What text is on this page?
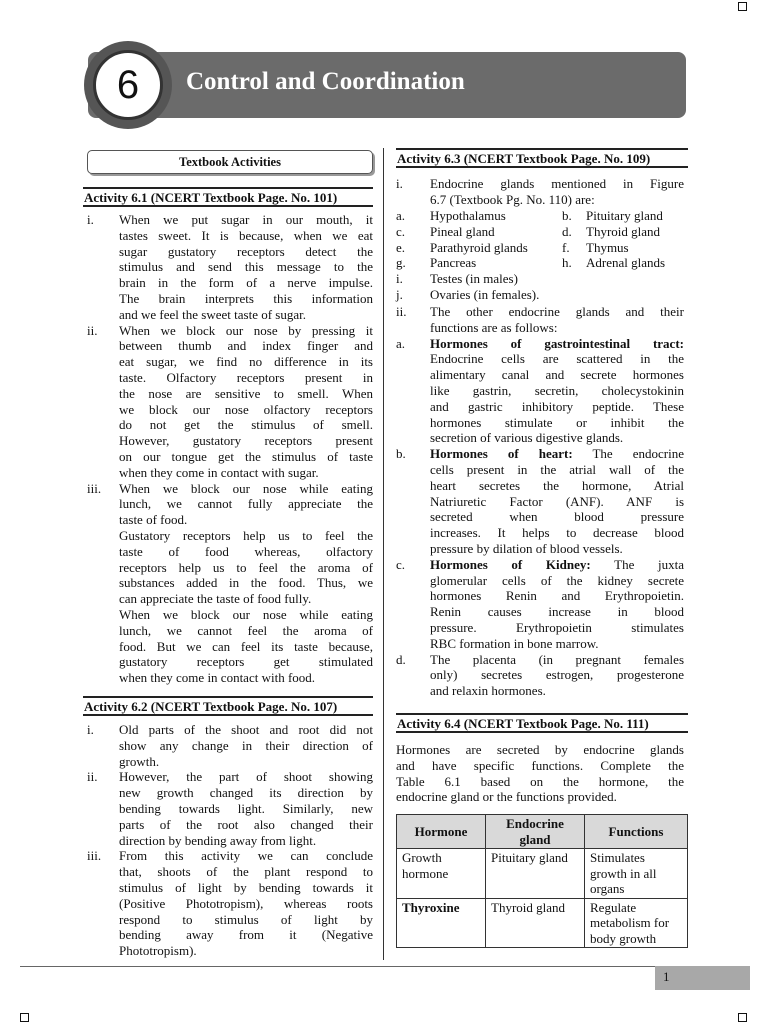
6	Control and Coordination
Textbook Activities
Activity 6.1 (NCERT Textbook Page. No. 101)
i. When we put sugar in our mouth, it
tastes sweet. It is because, when we eat
sugar gustatory receptors detect the
stimulus and send this message to the
brain in the form of a nerve impulse.
The brain interprets this information
and we feel the sweet taste of sugar.
ii. When we block our nose by pressing it
between thumb and index finger and
eat sugar, we find no difference in its
taste. Olfactory receptors present in
the nose are sensitive to smell. When
we block our nose olfactory receptors
do not get the stimulus of smell.
However, gustatory receptors present
on our tongue get the stimulus of taste
when they come in contact with sugar.
iii. When we block our nose while eating
lunch, we cannot fully appreciate the
taste of food.
Gustatory receptors help us to feel the
taste of food whereas, olfactory
receptors help us to feel the aroma of
substances added in the food. Thus, we
can appreciate the taste of food fully.
When we block our nose while eating
lunch, we cannot feel the aroma of
food. But we can feel its taste because,
gustatory receptors get stimulated
when they come in contact with food.
Activity 6.2 (NCERT Textbook Page. No. 107)
i. Old parts of the shoot and root did not
show any change in their direction of
growth.
ii. However, the part of shoot showing
new growth changed its direction by
bending towards light. Similarly, new
parts of the root also changed their
direction by bending away from light.
iii. From this activity we can conclude
that, shoots of the plant respond to
stimulus of light by bending towards it
(Positive Phototropism), whereas roots
respond to stimulus of light by
bending away from it (Negative
Phototropism).
Activity 6.3 (NCERT Textbook Page. No. 109)
i. Endocrine glands mentioned in Figure
6.7 (Textbook Pg. No. 110) are:
a. Hypothalamus	b. Pituitary gland
c. Pineal gland	d. Thyroid gland
e. Parathyroid glands	f. Thymus
g. Pancreas	h. Adrenal glands
i. Testes (in males)
j. Ovaries (in females).
ii. The other endocrine glands and their
functions are as follows:
a. Hormones of gastrointestinal tract:
Endocrine cells are scattered in the
alimentary canal and secrete hormones
like gastrin, secretin, cholecystokinin
and gastric inhibitory peptide. These
hormones stimulate or inhibit the
secretion of various digestive glands.
b. Hormones of heart: The endocrine
cells present in the atrial wall of the
heart secretes the hormone, Atrial
Natriuretic Factor (ANF). ANF is
secreted when blood pressure
increases. It helps to decrease blood
pressure by dilation of blood vessels.
c. Hormones of Kidney: The juxta
glomerular cells of the kidney secrete
hormones Renin and Erythropoietin.
Renin causes increase in blood
pressure. Erythropoietin stimulates
RBC formation in bone marrow.
d. The placenta (in pregnant females
only) secretes estrogen, progesterone
and relaxin hormones.
Activity 6.4 (NCERT Textbook Page. No. 111)
Hormones are secreted by endocrine glands
and have specific functions. Complete the
Table 6.1 based on the hormone, the
endocrine gland or the functions provided.
Hormone	Endocrine gland	Functions
Growth hormone	Pituitary gland	Stimulates growth in all organs
Thyroxine	Thyroid gland	Regulate metabolism for body growth
1
